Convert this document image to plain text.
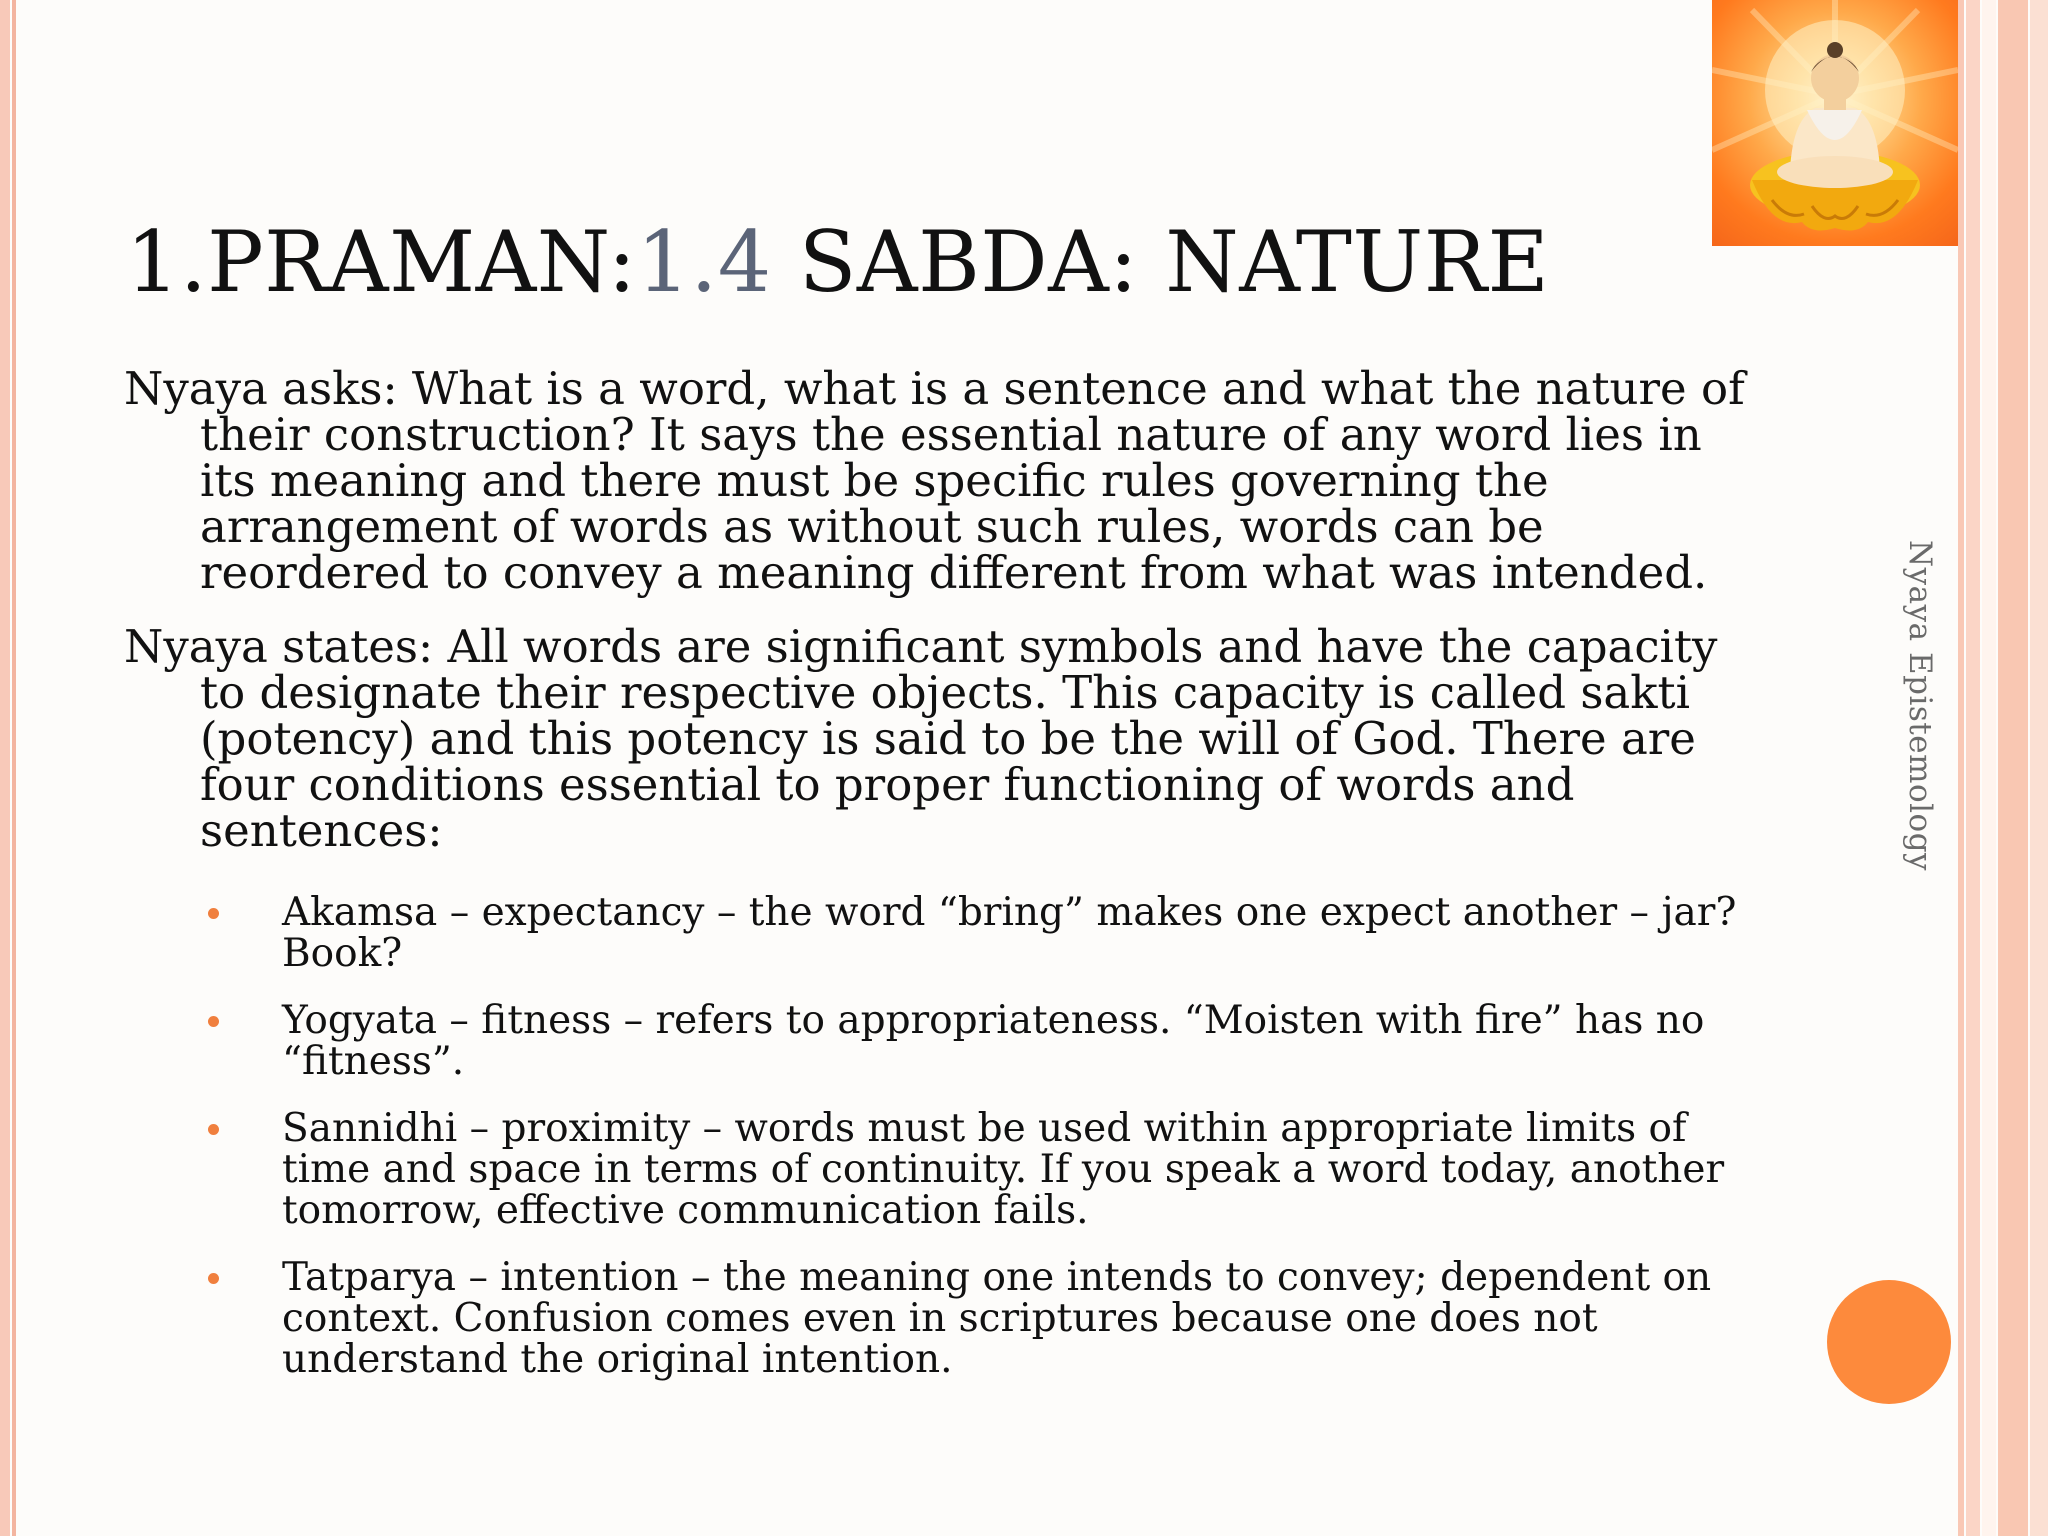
1.PRAMAN:1.4 SABDA: NATURE

Nyaya asks: What is a word, what is a sentence and what the nature of their construction? It says the essential nature of any word lies in its meaning and there must be specific rules governing the arrangement of words as without such rules, words can be reordered to convey a meaning different from what was intended.

Nyaya states: All words are significant symbols and have the capacity to designate their respective objects. This capacity is called sakti (potency) and this potency is said to be the will of God. There are four conditions essential to proper functioning of words and sentences:

Akamsa – expectancy – the word “bring” makes one expect another – jar? Book?
Yogyata – fitness – refers to appropriateness. “Moisten with fire” has no “fitness”.
Sannidhi – proximity – words must be used within appropriate limits of time and space in terms of continuity. If you speak a word today, another tomorrow, effective communication fails.
Tatparya – intention – the meaning one intends to convey; dependent on context. Confusion comes even in scriptures because one does not understand the original intention.
Nyaya Epistemology
